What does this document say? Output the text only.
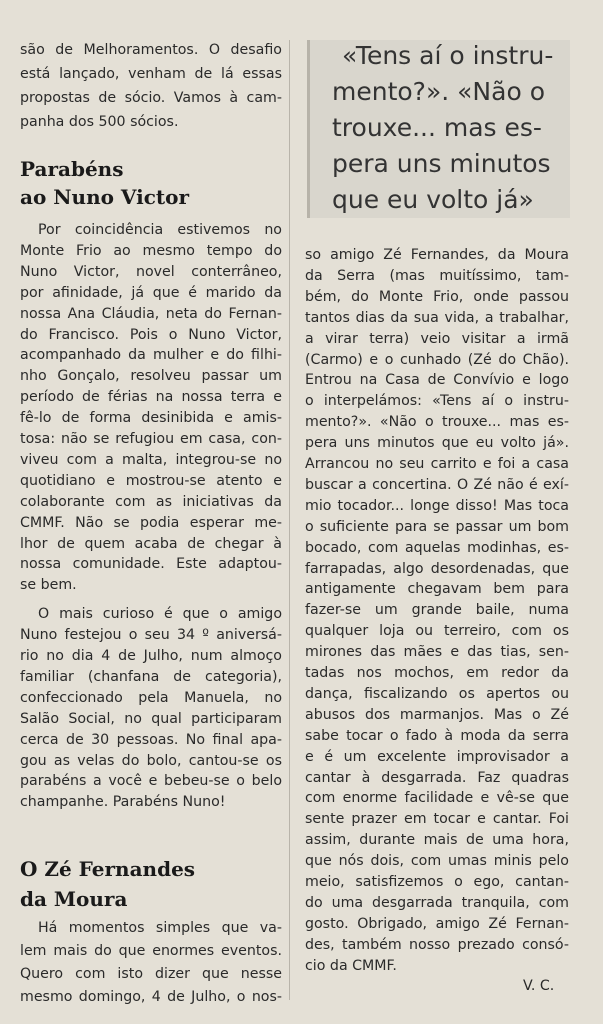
«Tens aí o instru-
mento?». «Não o
trouxe... mas es-
pera uns minutos
que eu volto já»
são de Melhoramentos. O desafio
está lançado, venham de lá essas
propostas de sócio. Vamos à cam-
panha dos 500 sócios.
Parabéns
ao Nuno Victor
Por coincidência estivemos no
Monte Frio ao mesmo tempo do
Nuno Victor, novel conterrâneo,
por afinidade, já que é marido da
nossa Ana Cláudia, neta do Fernan-
do Francisco. Pois o Nuno Victor,
acompanhado da mulher e do filhi-
nho Gonçalo, resolveu passar um
período de férias na nossa terra e
fê-lo de forma desinibida e amis-
tosa: não se refugiou em casa, con-
viveu com a malta, integrou-se no
quotidiano e mostrou-se atento e
colaborante com as iniciativas da
CMMF. Não se podia esperar me-
lhor de quem acaba de chegar à
nossa comunidade. Este adaptou-
se bem.
O mais curioso é que o amigo
Nuno festejou o seu 34 º aniversá-
rio no dia 4 de Julho, num almoço
familiar (chanfana de categoria),
confeccionado pela Manuela, no
Salão Social, no qual participaram
cerca de 30 pessoas. No final apa-
gou as velas do bolo, cantou-se os
parabéns a você e bebeu-se o belo
champanhe. Parabéns Nuno!
O Zé Fernandes
da Moura
Há momentos simples que va-
lem mais do que enormes eventos.
Quero com isto dizer que nesse
mesmo domingo, 4 de Julho, o nos-
so amigo Zé Fernandes, da Moura
da Serra (mas muitíssimo, tam-
bém, do Monte Frio, onde passou
tantos dias da sua vida, a trabalhar,
a virar terra) veio visitar a irmã
(Carmo) e o cunhado (Zé do Chão).
Entrou na Casa de Convívio e logo
o interpelámos: «Tens aí o instru-
mento?». «Não o trouxe... mas es-
pera uns minutos que eu volto já».
Arrancou no seu carrito e foi a casa
buscar a concertina. O Zé não é exí-
mio tocador... longe disso! Mas toca
o suficiente para se passar um bom
bocado, com aquelas modinhas, es-
farrapadas, algo desordenadas, que
antigamente chegavam bem para
fazer-se um grande baile, numa
qualquer loja ou terreiro, com os
mirones das mães e das tias, sen-
tadas nos mochos, em redor da
dança, fiscalizando os apertos ou
abusos dos marmanjos. Mas o Zé
sabe tocar o fado à moda da serra
e é um excelente improvisador a
cantar à desgarrada. Faz quadras
com enorme facilidade e vê-se que
sente prazer em tocar e cantar. Foi
assim, durante mais de uma hora,
que nós dois, com umas minis pelo
meio, satisfizemos o ego, cantan-
do uma desgarrada tranquila, com
gosto. Obrigado, amigo Zé Fernan-
des, também nosso prezado consó-
cio da CMMF.
V. C.
